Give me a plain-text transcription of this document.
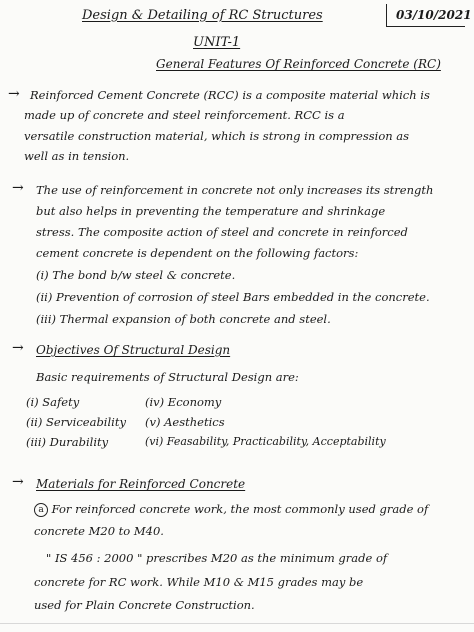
Design & Detailing of RC Structures	03/10/2021
UNIT-1
General Features Of Reinforced Concrete (RC)
→ Reinforced Cement Concrete (RCC) is a composite material which is
made up of concrete and steel reinforcement. RCC is a
versatile construction material, which is strong in compression as
well as in tension.
→ The use of reinforcement in concrete not only increases its strength
but also helps in preventing the temperature and shrinkage
stress. The composite action of steel and concrete in reinforced
cement concrete is dependent on the following factors:
(i) The bond b/w steel & concrete.
(ii) Prevention of corrosion of steel Bars embedded in the concrete.
(iii) Thermal expansion of both concrete and steel.
→ Objectives Of Structural Design
Basic requirements of Structural Design are:
(i) Safety
(ii) Serviceability
(iii) Durability
(iv) Economy
(v) Aesthetics
(vi) Feasability, Practicability, Acceptability
→ Materials for Reinforced Concrete
a For reinforced concrete work, the most commonly used grade of
concrete M20 to M40.
" IS 456 : 2000 " prescribes M20 as the minimum grade of
concrete for RC work. While M10 & M15 grades may be
used for Plain Concrete Construction.
